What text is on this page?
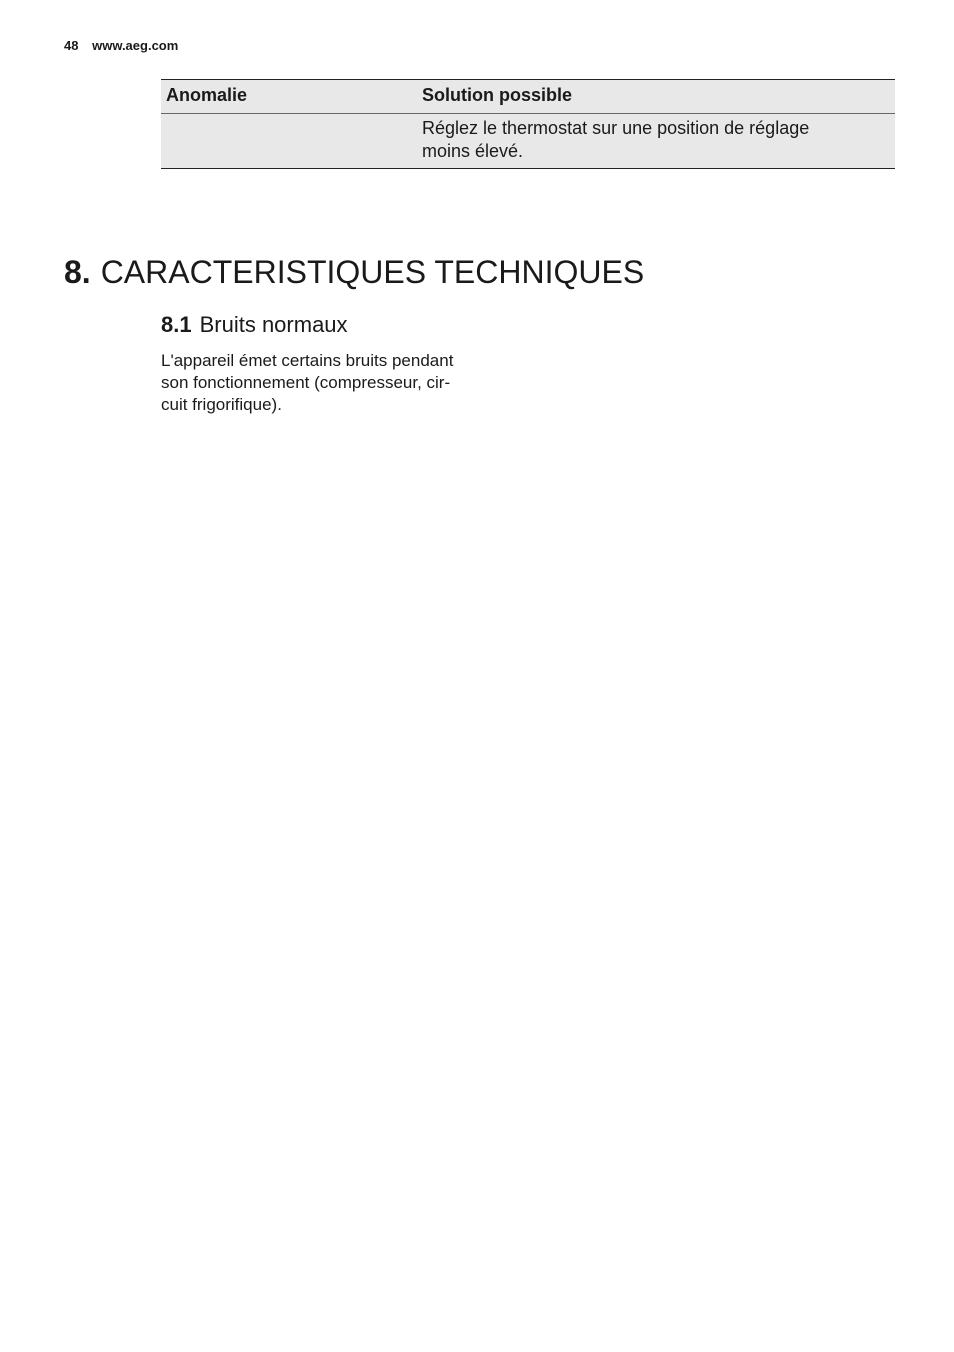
48 www.aeg.com
Anomalie	Solution possible
	Réglez le thermostat sur une position de réglage
moins élevé.
8. CARACTERISTIQUES TECHNIQUES
8.1 Bruits normaux

L'appareil émet certains bruits pendant
son fonctionnement (compresseur, cir-
cuit frigorifique).
